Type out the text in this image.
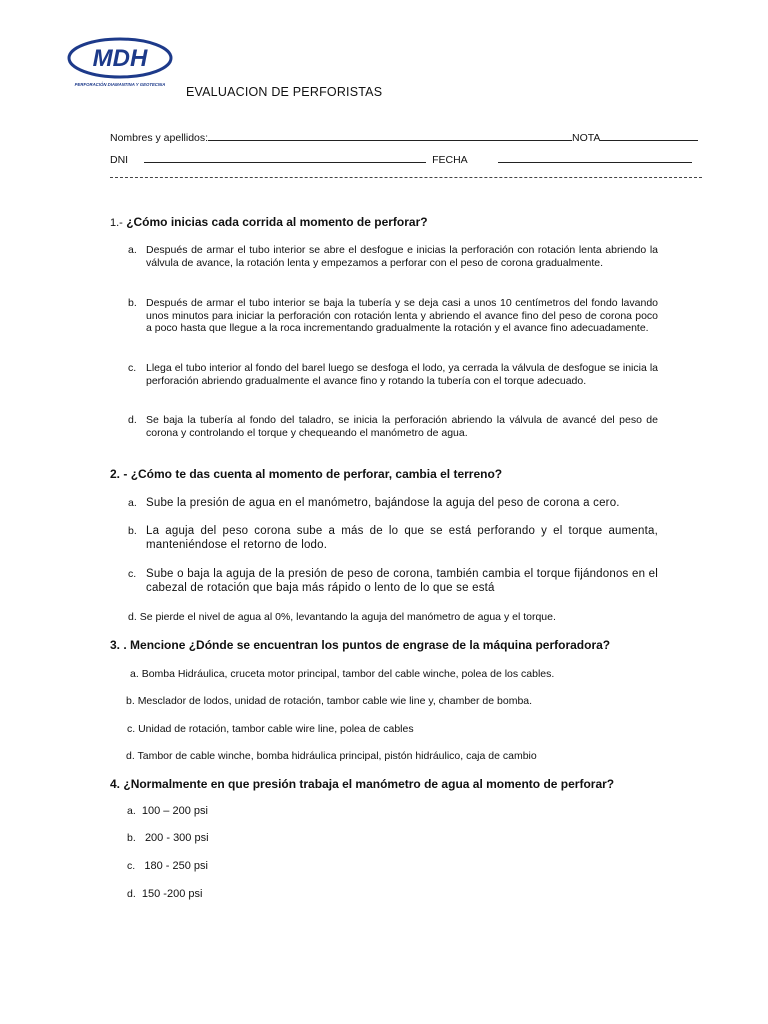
MDH
PERFORACIÓN DIAMANTINA Y GEOTECNIA
EVALUACION DE PERFORISTAS
Nombres y apellidos:	NOTA
DNI	FECHA
1.- ¿Cómo inicias cada corrida al momento de perforar?
a. Después de armar el tubo interior se abre el desfogue e inicias la perforación con rotación lenta abriendo la válvula de avance, la rotación lenta y empezamos a perforar con el peso de corona gradualmente.
b. Después de armar el tubo interior se baja la tubería y se deja casi a unos 10 centímetros del fondo lavando unos minutos para iniciar la perforación con rotación lenta y abriendo el avance fino del peso de corona poco a poco hasta que llegue a la roca incrementando gradualmente la rotación y el avance fino adecuadamente.
c. Llega el tubo interior al fondo del barel luego se desfoga el lodo, ya cerrada la válvula de desfogue se inicia la perforación abriendo gradualmente el avance fino y rotando la tubería con el torque adecuado.
d. Se baja la tubería al fondo del taladro, se inicia la perforación abriendo la válvula de avancé del peso de corona y controlando el torque y chequeando el manómetro de agua.
2. - ¿Cómo te das cuenta al momento de perforar, cambia el terreno?
a. Sube la presión de agua en el manómetro, bajándose la aguja del peso de corona a cero.
b. La aguja del peso corona sube a más de lo que se está perforando y el torque aumenta, manteniéndose el retorno de lodo.
c. Sube o baja la aguja de la presión de peso de corona, también cambia el torque fijándonos en el cabezal de rotación que baja más rápido o lento de lo que se está
d. Se pierde el nivel de agua al 0%, levantando la aguja del manómetro de agua y el torque.
3. . Mencione ¿Dónde se encuentran los puntos de engrase de la máquina perforadora?
a. Bomba Hidráulica, cruceta motor principal, tambor del cable winche, polea de los cables.
b. Mesclador de lodos, unidad de rotación, tambor cable wie line y, chamber de bomba.
c. Unidad de rotación, tambor cable wire line, polea de cables
d. Tambor de cable winche, bomba hidráulica principal, pistón hidráulico, caja de cambio
4. ¿Normalmente en que presión trabaja el manómetro de agua al momento de perforar?
a. 100 – 200 psi
b. 200 - 300 psi
c. 180 - 250 psi
d. 150 -200 psi
